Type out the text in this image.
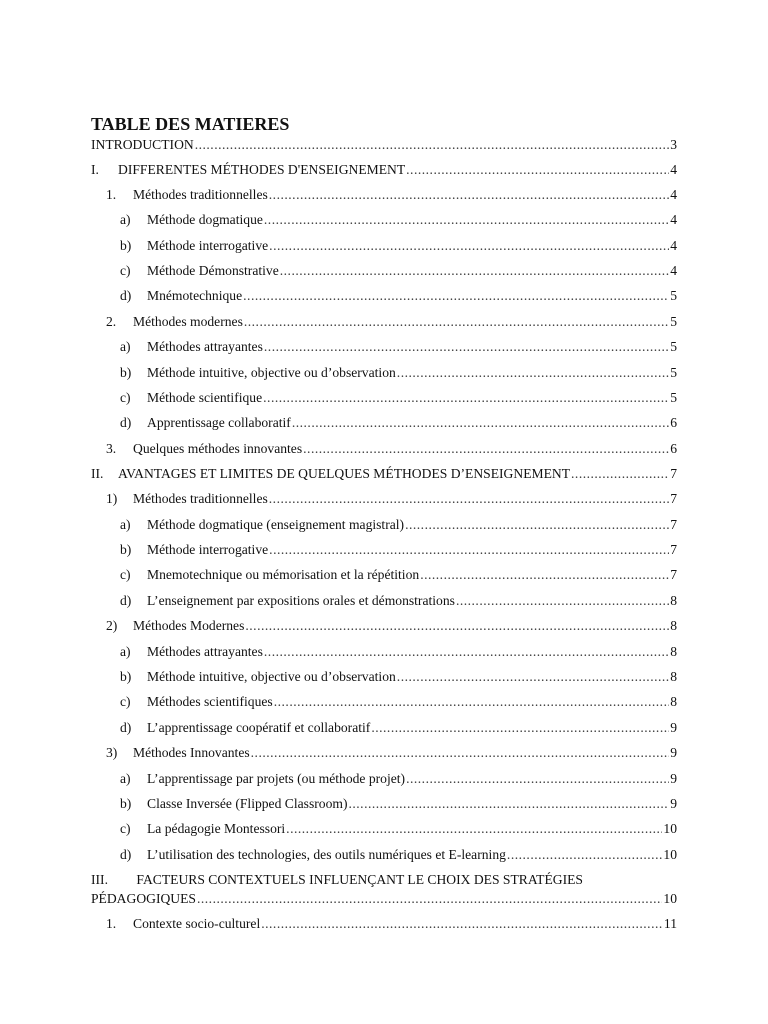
TABLE DES MATIERES
INTRODUCTION .....	3
I.	DIFFERENTES MÉTHODES D'ENSEIGNEMENT .....	4
1.	Méthodes traditionnelles .....	4
a)	Méthode dogmatique .....	4
b)	Méthode interrogative .....	4
c)	Méthode Démonstrative .....	4
d)	Mnémotechnique .....	5
2.	Méthodes modernes .....	5
a)	Méthodes attrayantes .....	5
b)	Méthode intuitive, objective ou d’observation .....	5
c)	Méthode scientifique .....	5
d)	Apprentissage collaboratif .....	6
3.	Quelques méthodes innovantes .....	6
II.	AVANTAGES ET LIMITES DE QUELQUES MÉTHODES D’ENSEIGNEMENT .....	7
1)	Méthodes traditionnelles .....	7
a)	Méthode dogmatique (enseignement magistral) .....	7
b)	Méthode interrogative .....	7
c)	Mnemotechnique ou mémorisation et la répétition .....	7
d)	L’enseignement par expositions orales et démonstrations .....	8
2)	Méthodes Modernes .....	8
a)	Méthodes attrayantes .....	8
b)	Méthode intuitive, objective ou d’observation .....	8
c)	Méthodes scientifiques .....	8
d)	L’apprentissage coopératif et collaboratif .....	9
3)	Méthodes Innovantes .....	9
a)	L’apprentissage par projets (ou méthode projet) .....	9
b)	Classe Inversée (Flipped Classroom) .....	9
c)	La pédagogie Montessori .....	10
d)	L’utilisation des technologies, des outils numériques et E-learning .....	10
III. FACTEURS CONTEXTUELS INFLUENÇANT LE CHOIX DES STRATÉGIES
PÉDAGOGIQUES .....	10
1.	Contexte socio-culturel .....	11
